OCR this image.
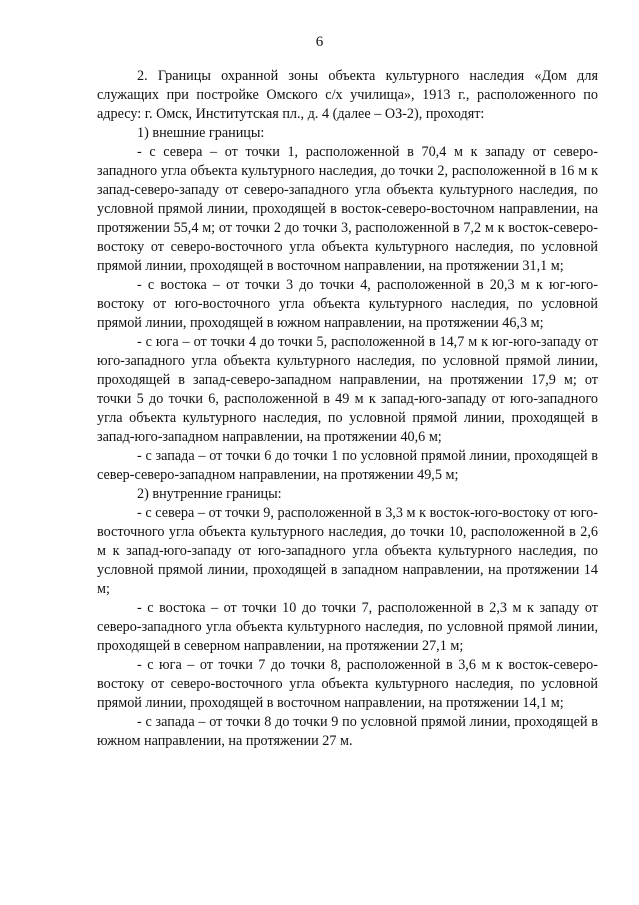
6

2. Границы охранной зоны объекта культурного наследия «Дом для служащих при постройке Омского с/х училища», 1913 г., расположенного по адресу: г. Омск, Институтская пл., д. 4 (далее – ОЗ-2), проходят:

1) внешние границы:

- с севера – от точки 1, расположенной в 70,4 м к западу от северо-западного угла объекта культурного наследия, до точки 2, расположенной в 16 м к запад-северо-западу от северо-западного угла объекта культурного наследия, по условной прямой линии, проходящей в восток-северо-восточном направлении, на протяжении 55,4 м; от точки 2 до точки 3, расположенной в 7,2 м к восток-северо-востоку от северо-восточного угла объекта культурного наследия, по условной прямой линии, проходящей в восточном направлении, на протяжении 31,1 м;

- с востока – от точки 3 до точки 4, расположенной в 20,3 м к юг-юго-востоку от юго-восточного угла объекта культурного наследия, по условной прямой линии, проходящей в южном направлении, на протяжении 46,3 м;

- с юга – от точки 4 до точки 5, расположенной в 14,7 м к юг-юго-западу от юго-западного угла объекта культурного наследия, по условной прямой линии, проходящей в запад-северо-западном направлении, на протяжении 17,9 м; от точки 5 до точки 6, расположенной в 49 м к запад-юго-западу от юго-западного угла объекта культурного наследия, по условной прямой линии, проходящей в запад-юго-западном направлении, на протяжении 40,6 м;

- с запада – от точки 6 до точки 1 по условной прямой линии, проходящей в север-северо-западном направлении, на протяжении 49,5 м;

2) внутренние границы:

- с севера – от точки 9, расположенной в 3,3 м к восток-юго-востоку от юго-восточного угла объекта культурного наследия, до точки 10, расположенной в 2,6 м к запад-юго-западу от юго-западного угла объекта культурного наследия, по условной прямой линии, проходящей в западном направлении, на протяжении 14 м;

- с востока – от точки 10 до точки 7, расположенной в 2,3 м к западу от северо-западного угла объекта культурного наследия, по условной прямой линии, проходящей в северном направлении, на протяжении 27,1 м;

- с юга – от точки 7 до точки 8, расположенной в 3,6 м к восток-северо-востоку от северо-восточного угла объекта культурного наследия, по условной прямой линии, проходящей в восточном направлении, на протяжении 14,1 м;

- с запада – от точки 8 до точки 9 по условной прямой линии, проходящей в южном направлении, на протяжении 27 м.
